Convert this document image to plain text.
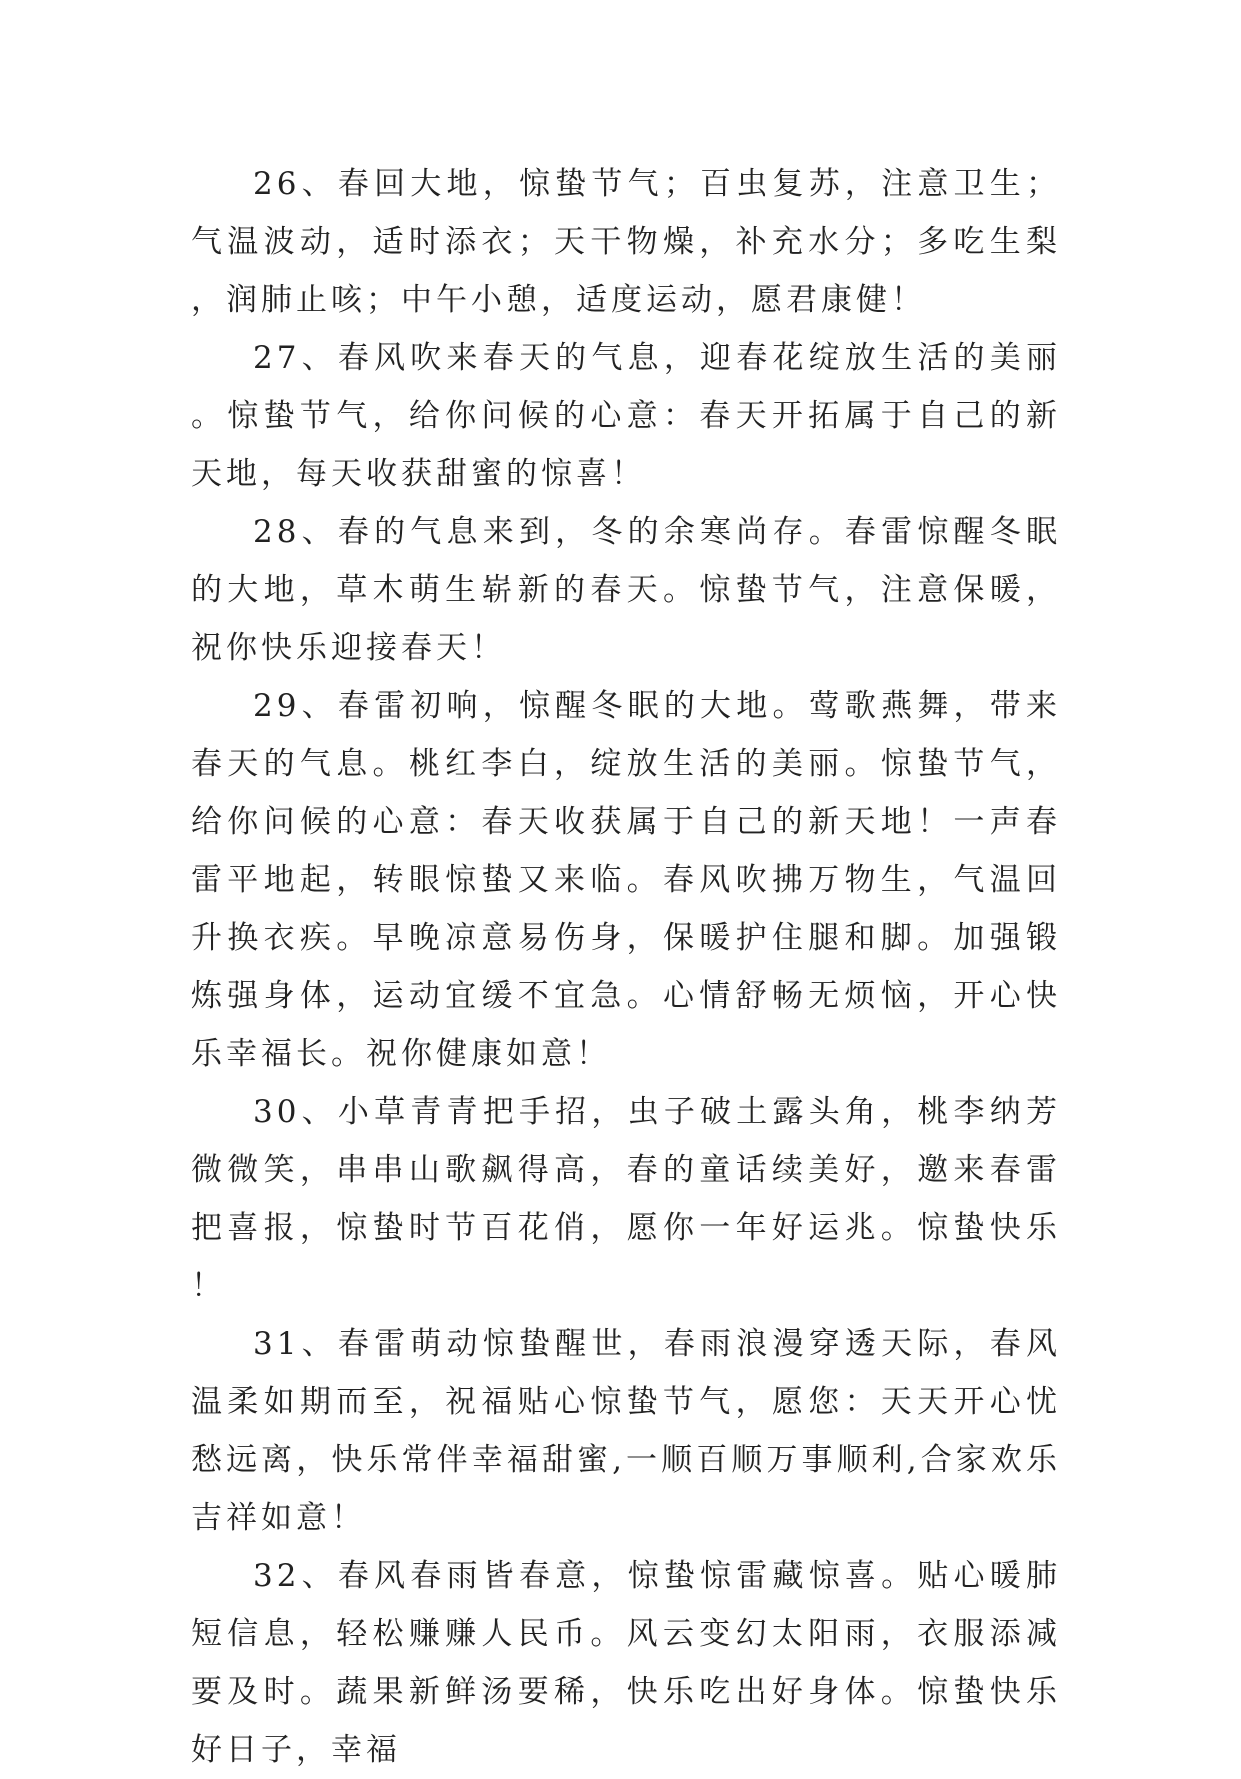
26、春回大地，惊蛰节气；百虫复苏，注意卫生；气温波动，适时添衣；天干物燥，补充水分；多吃生梨，润肺止咳；中午小憩，适度运动，愿君康健！

27、春风吹来春天的气息，迎春花绽放生活的美丽。惊蛰节气，给你问候的心意：春天开拓属于自己的新天地，每天收获甜蜜的惊喜！

28、春的气息来到，冬的余寒尚存。春雷惊醒冬眠的大地，草木萌生崭新的春天。惊蛰节气，注意保暖，祝你快乐迎接春天！

29、春雷初响，惊醒冬眠的大地。莺歌燕舞，带来春天的气息。桃红李白，绽放生活的美丽。惊蛰节气，给你问候的心意：春天收获属于自己的新天地！一声春雷平地起，转眼惊蛰又来临。春风吹拂万物生，气温回升换衣疾。早晚凉意易伤身，保暖护住腿和脚。加强锻炼强身体，运动宜缓不宜急。心情舒畅无烦恼，开心快乐幸福长。祝你健康如意！

30、小草青青把手招，虫子破土露头角，桃李纳芳微微笑，串串山歌飙得高，春的童话续美好，邀来春雷把喜报，惊蛰时节百花俏，愿你一年好运兆。惊蛰快乐！

31、春雷萌动惊蛰醒世，春雨浪漫穿透天际，春风温柔如期而至，祝福贴心惊蛰节气，愿您：天天开心忧愁远离，快乐常伴幸福甜蜜,一顺百顺万事顺利,合家欢乐吉祥如意！

32、春风春雨皆春意，惊蛰惊雷藏惊喜。贴心暖肺短信息，轻松赚赚人民币。风云变幻太阳雨，衣服添减要及时。蔬果新鲜汤要稀，快乐吃出好身体。惊蛰快乐好日子，幸福
